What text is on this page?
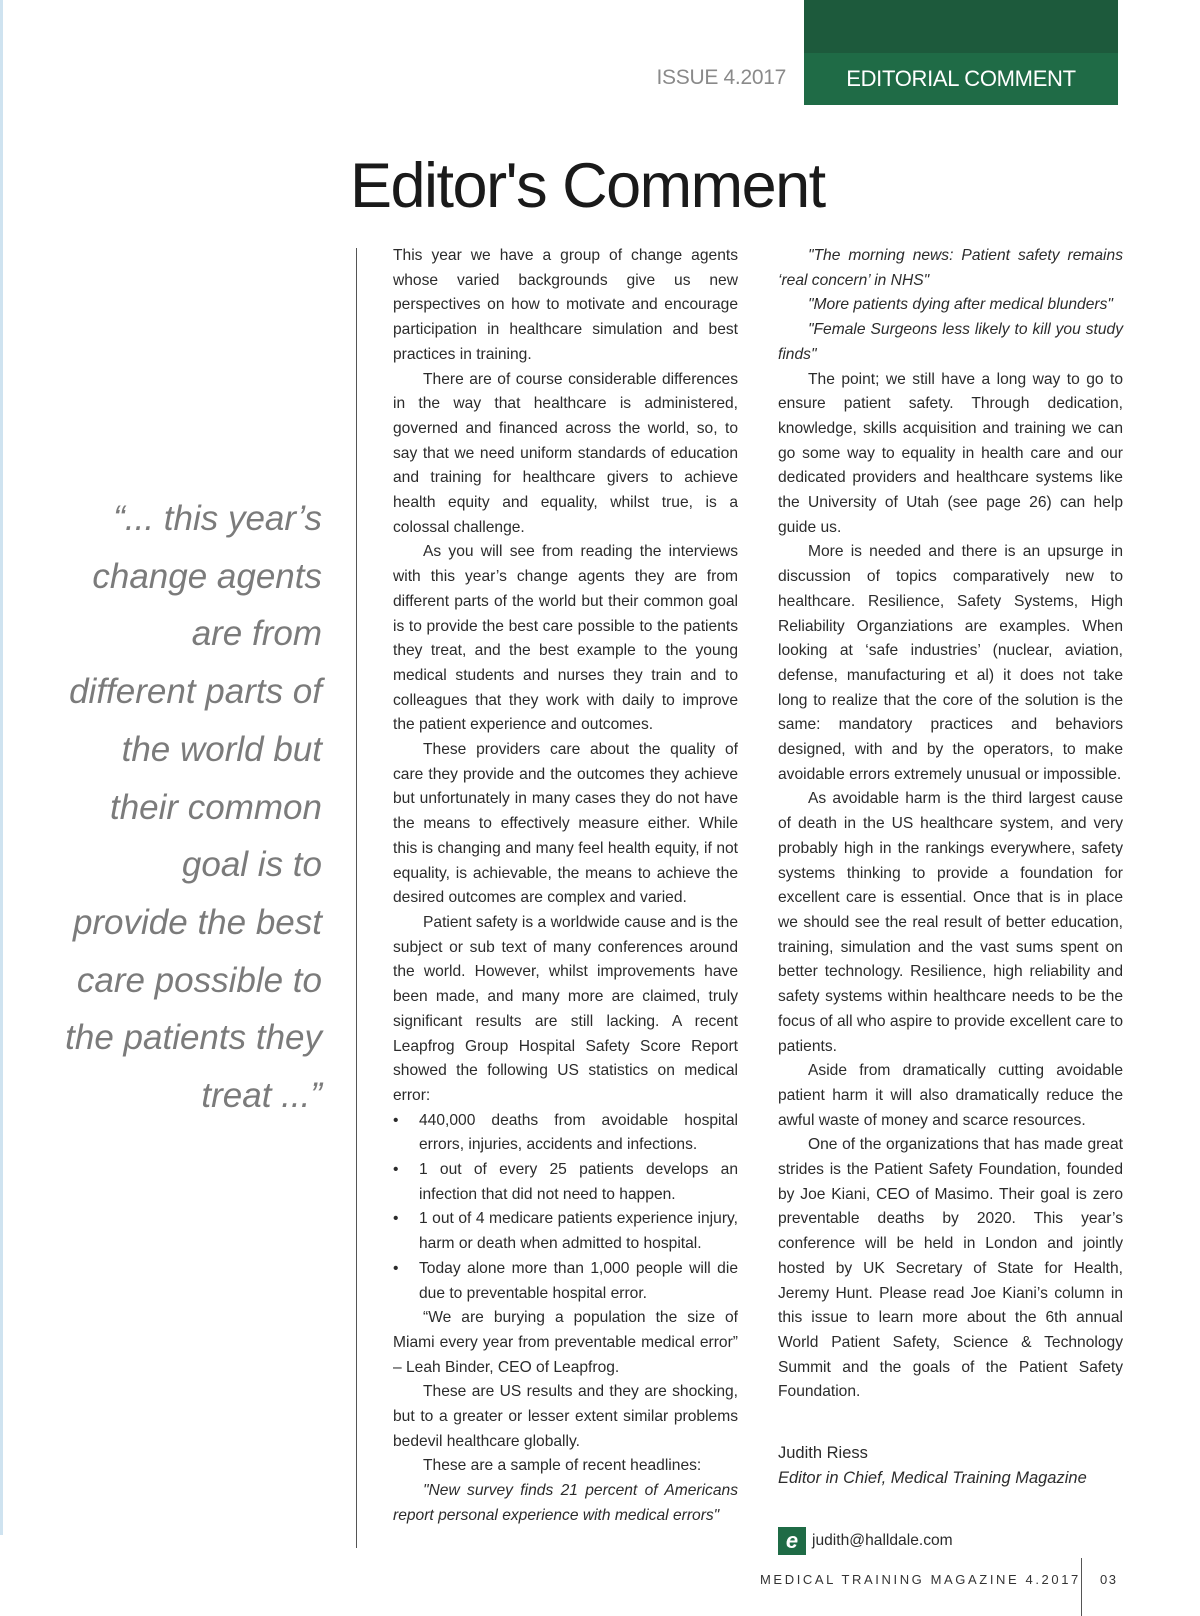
ISSUE 4.2017	EDITORIAL COMMENT
Editor's Comment
“... this year’s change agents are from different parts of the world but their common goal is to provide the best care possible to the patients they treat ...”

This year we have a group of change agents whose varied backgrounds give us new perspectives on how to motivate and encourage participation in healthcare simulation and best practices in training.

There are of course considerable differences in the way that healthcare is administered, governed and financed across the world, so, to say that we need uniform standards of education and training for healthcare givers to achieve health equity and equality, whilst true, is a colossal challenge.

As you will see from reading the interviews with this year’s change agents they are from different parts of the world but their common goal is to provide the best care possible to the patients they treat, and the best example to the young medical students and nurses they train and to colleagues that they work with daily to improve the patient experience and outcomes.

These providers care about the quality of care they provide and the outcomes they achieve but unfortunately in many cases they do not have the means to effectively measure either. While this is changing and many feel health equity, if not equality, is achievable, the means to achieve the desired outcomes are complex and varied.

Patient safety is a worldwide cause and is the subject or sub text of many conferences around the world. However, whilst improvements have been made, and many more are claimed, truly significant results are still lacking. A recent Leapfrog Group Hospital Safety Score Report showed the following US statistics on medical error:

• 440,000 deaths from avoidable hospital errors, injuries, accidents and infections.
• 1 out of every 25 patients develops an infection that did not need to happen.
• 1 out of 4 medicare patients experience injury, harm or death when admitted to hospital.
• Today alone more than 1,000 people will die due to preventable hospital error.

“We are burying a population the size of Miami every year from preventable medical error” – Leah Binder, CEO of Leapfrog.

These are US results and they are shocking, but to a greater or lesser extent similar problems bedevil healthcare globally.

These are a sample of recent headlines:

"New survey finds 21 percent of Americans report personal experience with medical errors"

"The morning news: Patient safety remains ‘real concern’ in NHS"

"More patients dying after medical blunders"

"Female Surgeons less likely to kill you study finds"

The point; we still have a long way to go to ensure patient safety. Through dedication, knowledge, skills acquisition and training we can go some way to equality in health care and our dedicated providers and healthcare systems like the University of Utah (see page 26) can help guide us.

More is needed and there is an upsurge in discussion of topics comparatively new to healthcare. Resilience, Safety Systems, High Reliability Organziations are examples. When looking at ‘safe industries’ (nuclear, aviation, defense, manufacturing et al) it does not take long to realize that the core of the solution is the same: mandatory practices and behaviors designed, with and by the operators, to make avoidable errors extremely unusual or impossible.

As avoidable harm is the third largest cause of death in the US healthcare system, and very probably high in the rankings everywhere, safety systems thinking to provide a foundation for excellent care is essential. Once that is in place we should see the real result of better education, training, simulation and the vast sums spent on better technology. Resilience, high reliability and safety systems within healthcare needs to be the focus of all who aspire to provide excellent care to patients.

Aside from dramatically cutting avoidable patient harm it will also dramatically reduce the awful waste of money and scarce resources.

One of the organizations that has made great strides is the Patient Safety Foundation, founded by Joe Kiani, CEO of Masimo. Their goal is zero preventable deaths by 2020. This year’s conference will be held in London and jointly hosted by UK Secretary of State for Health, Jeremy Hunt. Please read Joe Kiani’s column in this issue to learn more about the 6th annual World Patient Safety, Science & Technology Summit and the goals of the Patient Safety Foundation.

Judith Riess
Editor in Chief, Medical Training Magazine
e judith@halldale.com
MEDICAL TRAINING MAGAZINE 4.2017 03
